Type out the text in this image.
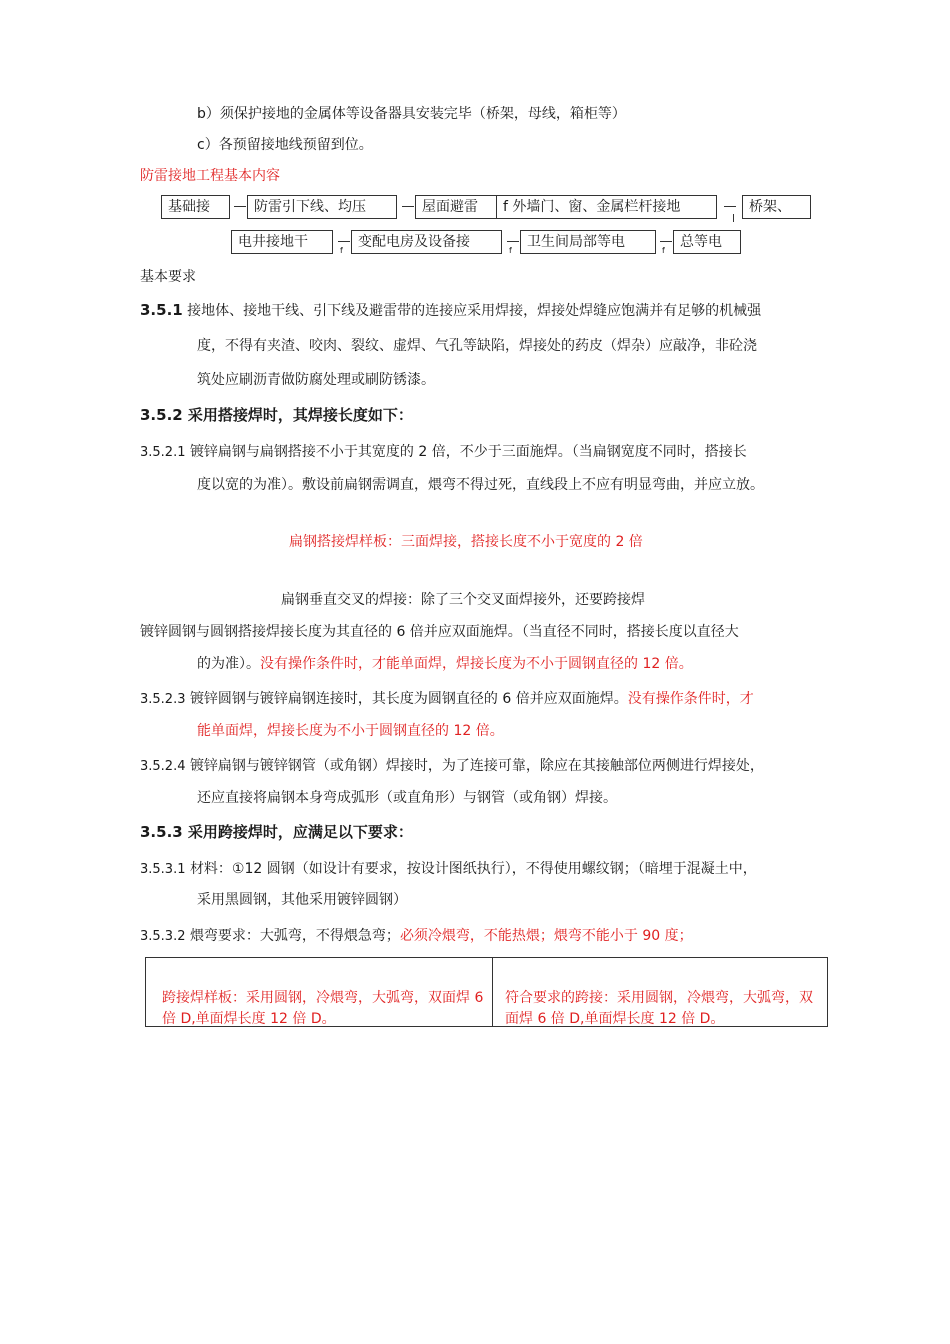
b）须保护接地的金属体等设备器具安装完毕（桥架，母线，箱柜等）
c）各预留接地线预留到位。
防雷接地工程基本内容
基础接	防雷引下线、均压	屋面避雷	f 外墙门、窗、金属栏杆接地	桥架、
电井接地干
f
变配电房及设备接
f
卫生间局部等电
f
总等电
基本要求
3.5.1 接地体、接地干线、引下线及避雷带的连接应采用焊接，焊接处焊缝应饱满并有足够的机械强
度，不得有夹渣、咬肉、裂纹、虚焊、气孔等缺陷，焊接处的药皮（焊杂）应敲净，非砼浇
筑处应刷沥青做防腐处理或刷防锈漆。
3.5.2 采用搭接焊时，其焊接长度如下：
3.5.2.1 镀锌扁钢与扁钢搭接不小于其宽度的 2 倍，不少于三面施焊。（当扁钢宽度不同时，搭接长
度以宽的为准）。敷设前扁钢需调直，煨弯不得过死，直线段上不应有明显弯曲，并应立放。
扁钢搭接焊样板：三面焊接，搭接长度不小于宽度的 2 倍
扁钢垂直交叉的焊接：除了三个交叉面焊接外，还要跨接焊
镀锌圆钢与圆钢搭接焊接长度为其直径的 6 倍并应双面施焊。（当直径不同时，搭接长度以直径大
的为准）。没有操作条件时，才能单面焊，焊接长度为不小于圆钢直径的 12 倍。
3.5.2.3 镀锌圆钢与镀锌扁钢连接时，其长度为圆钢直径的 6 倍并应双面施焊。没有操作条件时，才
能单面焊，焊接长度为不小于圆钢直径的 12 倍。
3.5.2.4 镀锌扁钢与镀锌钢管（或角钢）焊接时，为了连接可靠，除应在其接触部位两侧进行焊接处，
还应直接将扁钢本身弯成弧形（或直角形）与钢管（或角钢）焊接。
3.5.3 采用跨接焊时，应满足以下要求：
3.5.3.1 材料：①12 圆钢（如设计有要求，按设计图纸执行），不得使用螺纹钢；（暗埋于混凝土中，
采用黑圆钢，其他采用镀锌圆钢）
3.5.3.2 煨弯要求：大弧弯，不得煨急弯；必须冷煨弯，不能热煨；煨弯不能小于 90 度；
跨接焊样板：采用圆钢，冷煨弯，大弧弯，双面焊 6 倍 D,单面焊长度 12 倍 D。
符合要求的跨接：采用圆钢，冷煨弯，大弧弯，双面焊 6 倍 D,单面焊长度 12 倍 D。
